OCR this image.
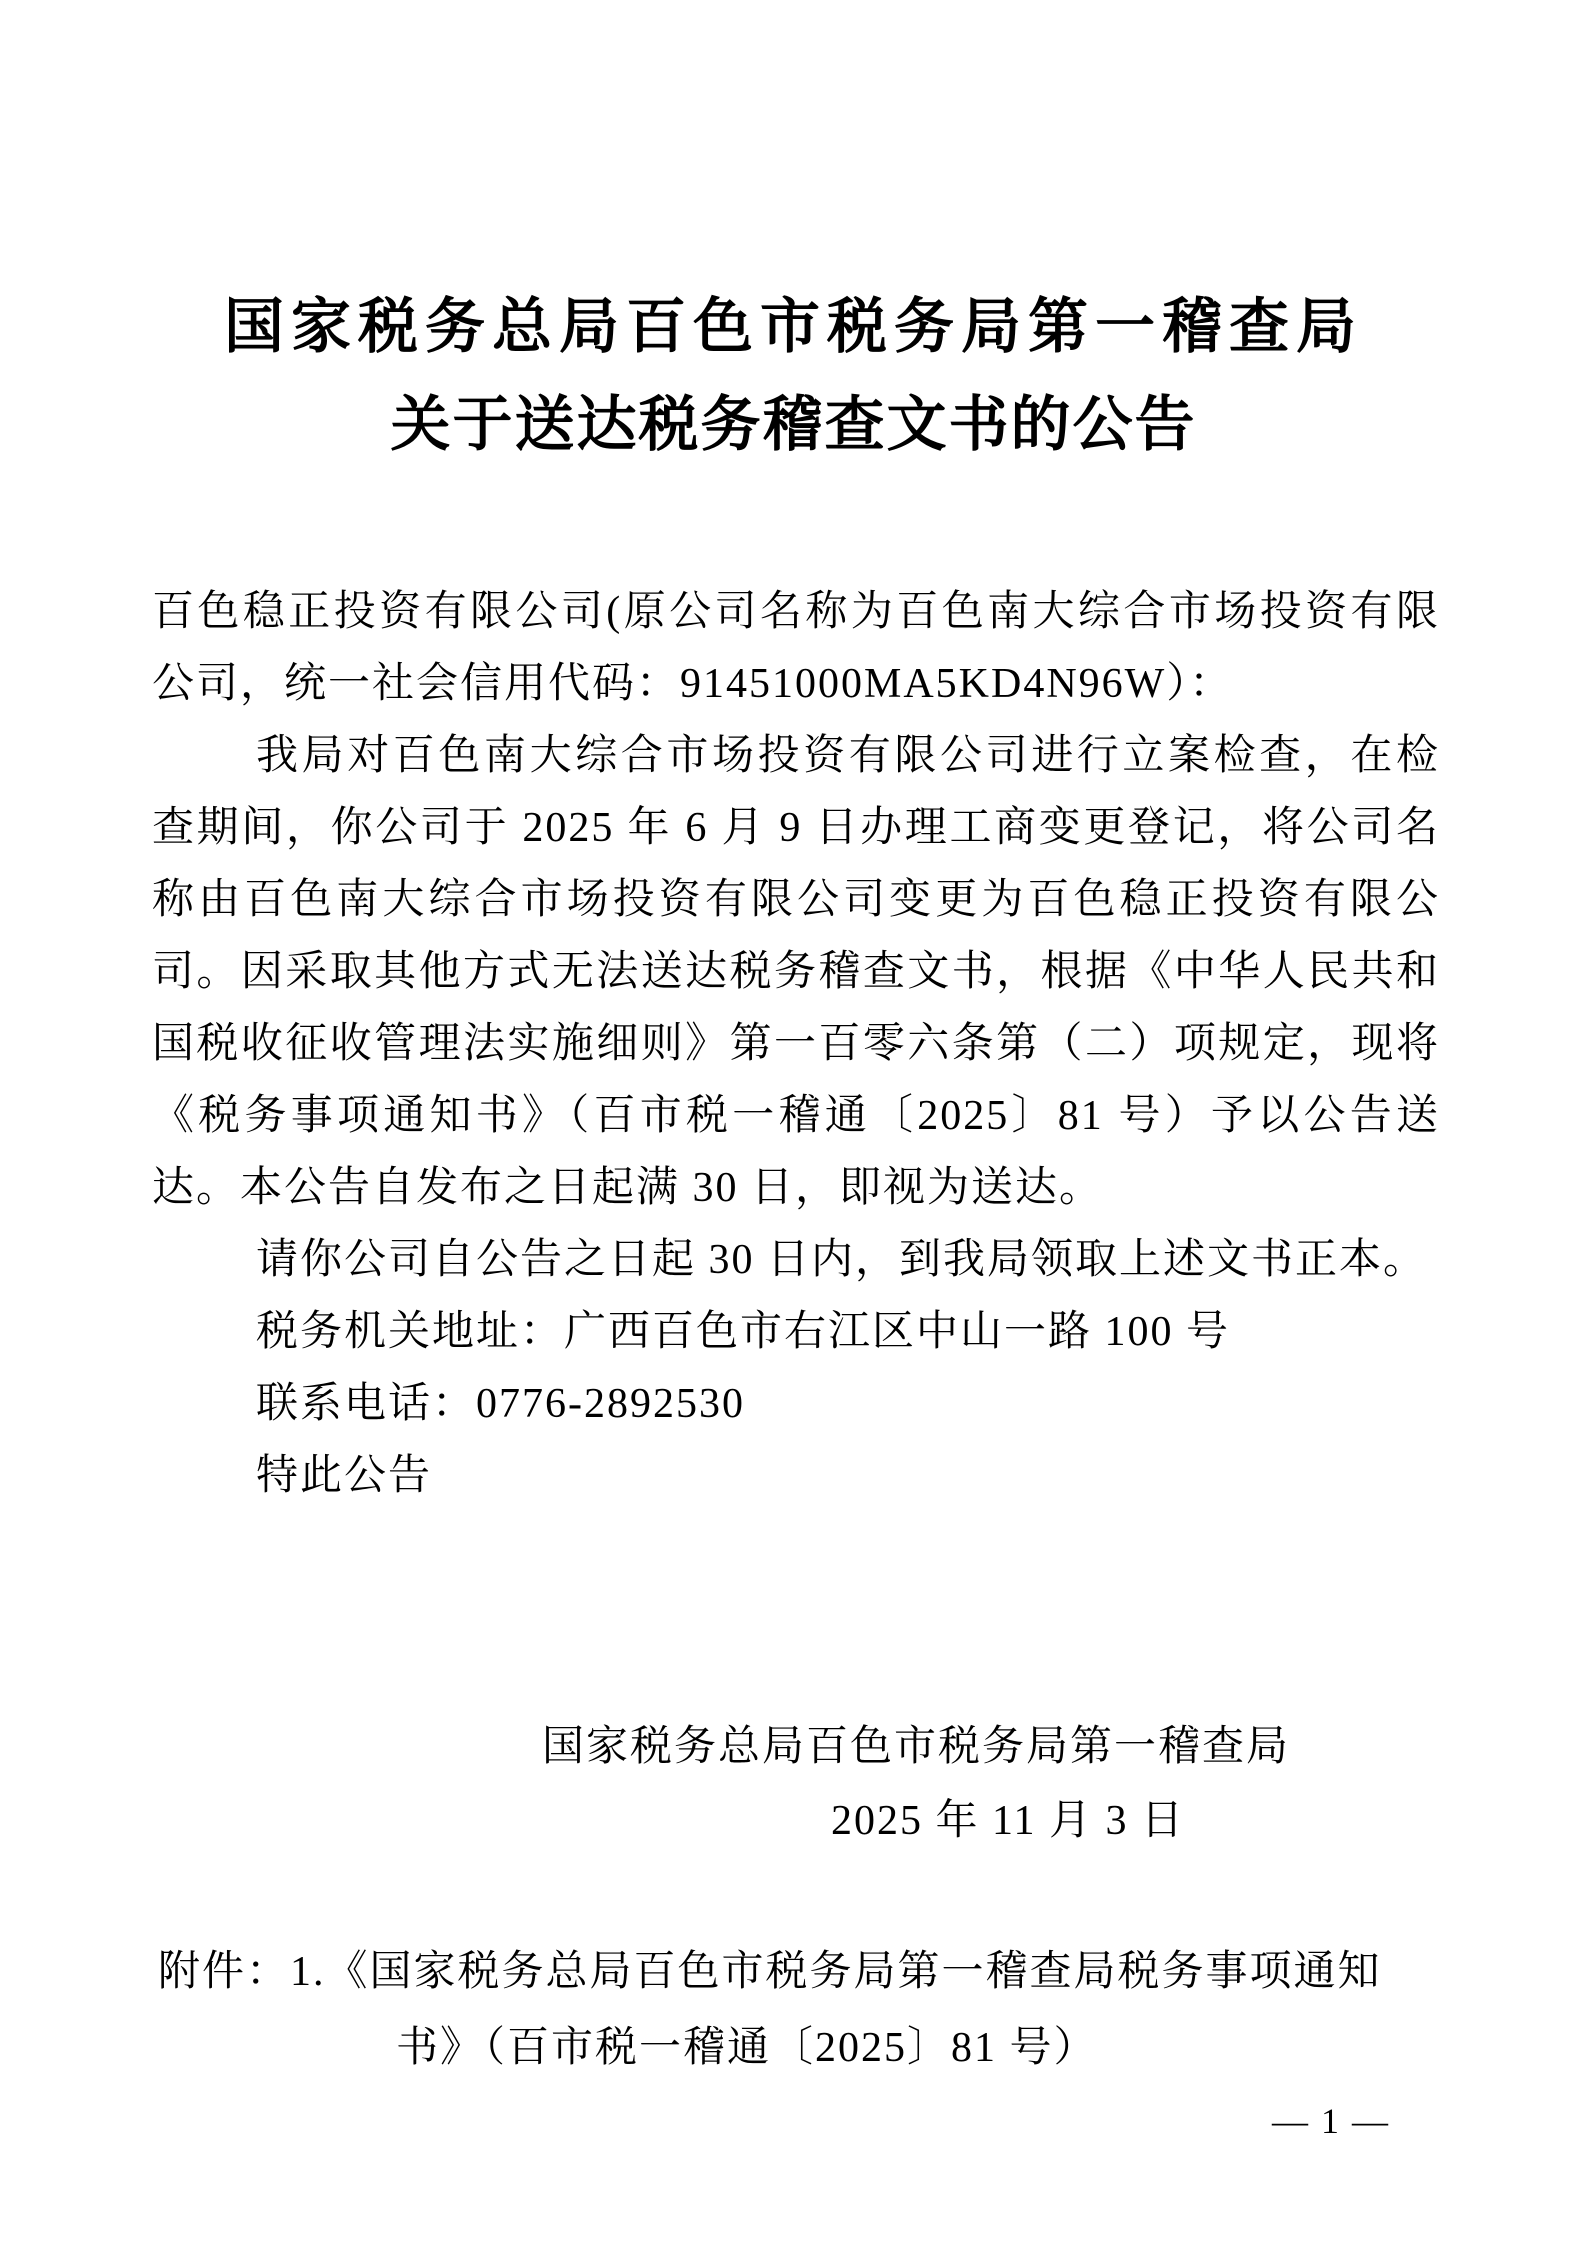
国家税务总局百色市税务局第一稽查局
关于送达税务稽查文书的公告

百色稳正投资有限公司(原公司名称为百色南大综合市场投资有限公司，统一社会信用代码：91451000MA5KD4N96W）：

我局对百色南大综合市场投资有限公司进行立案检查，在检查期间，你公司于 2025 年 6 月 9 日办理工商变更登记，将公司名称由百色南大综合市场投资有限公司变更为百色稳正投资有限公司。因采取其他方式无法送达税务稽查文书，根据《中华人民共和国税收征收管理法实施细则》第一百零六条第（二）项规定，现将《税务事项通知书》（百市税一稽通〔2025〕81 号）予以公告送达。本公告自发布之日起满 30 日，即视为送达。

请你公司自公告之日起 30 日内，到我局领取上述文书正本。

税务机关地址：广西百色市右江区中山一路 100 号

联系电话：0776-2892530

特此公告

国家税务总局百色市税务局第一稽查局
2025 年 11 月 3 日
附件：1.《国家税务总局百色市税务局第一稽查局税务事项通知
书》（百市税一稽通〔2025〕81 号）
— 1 —
